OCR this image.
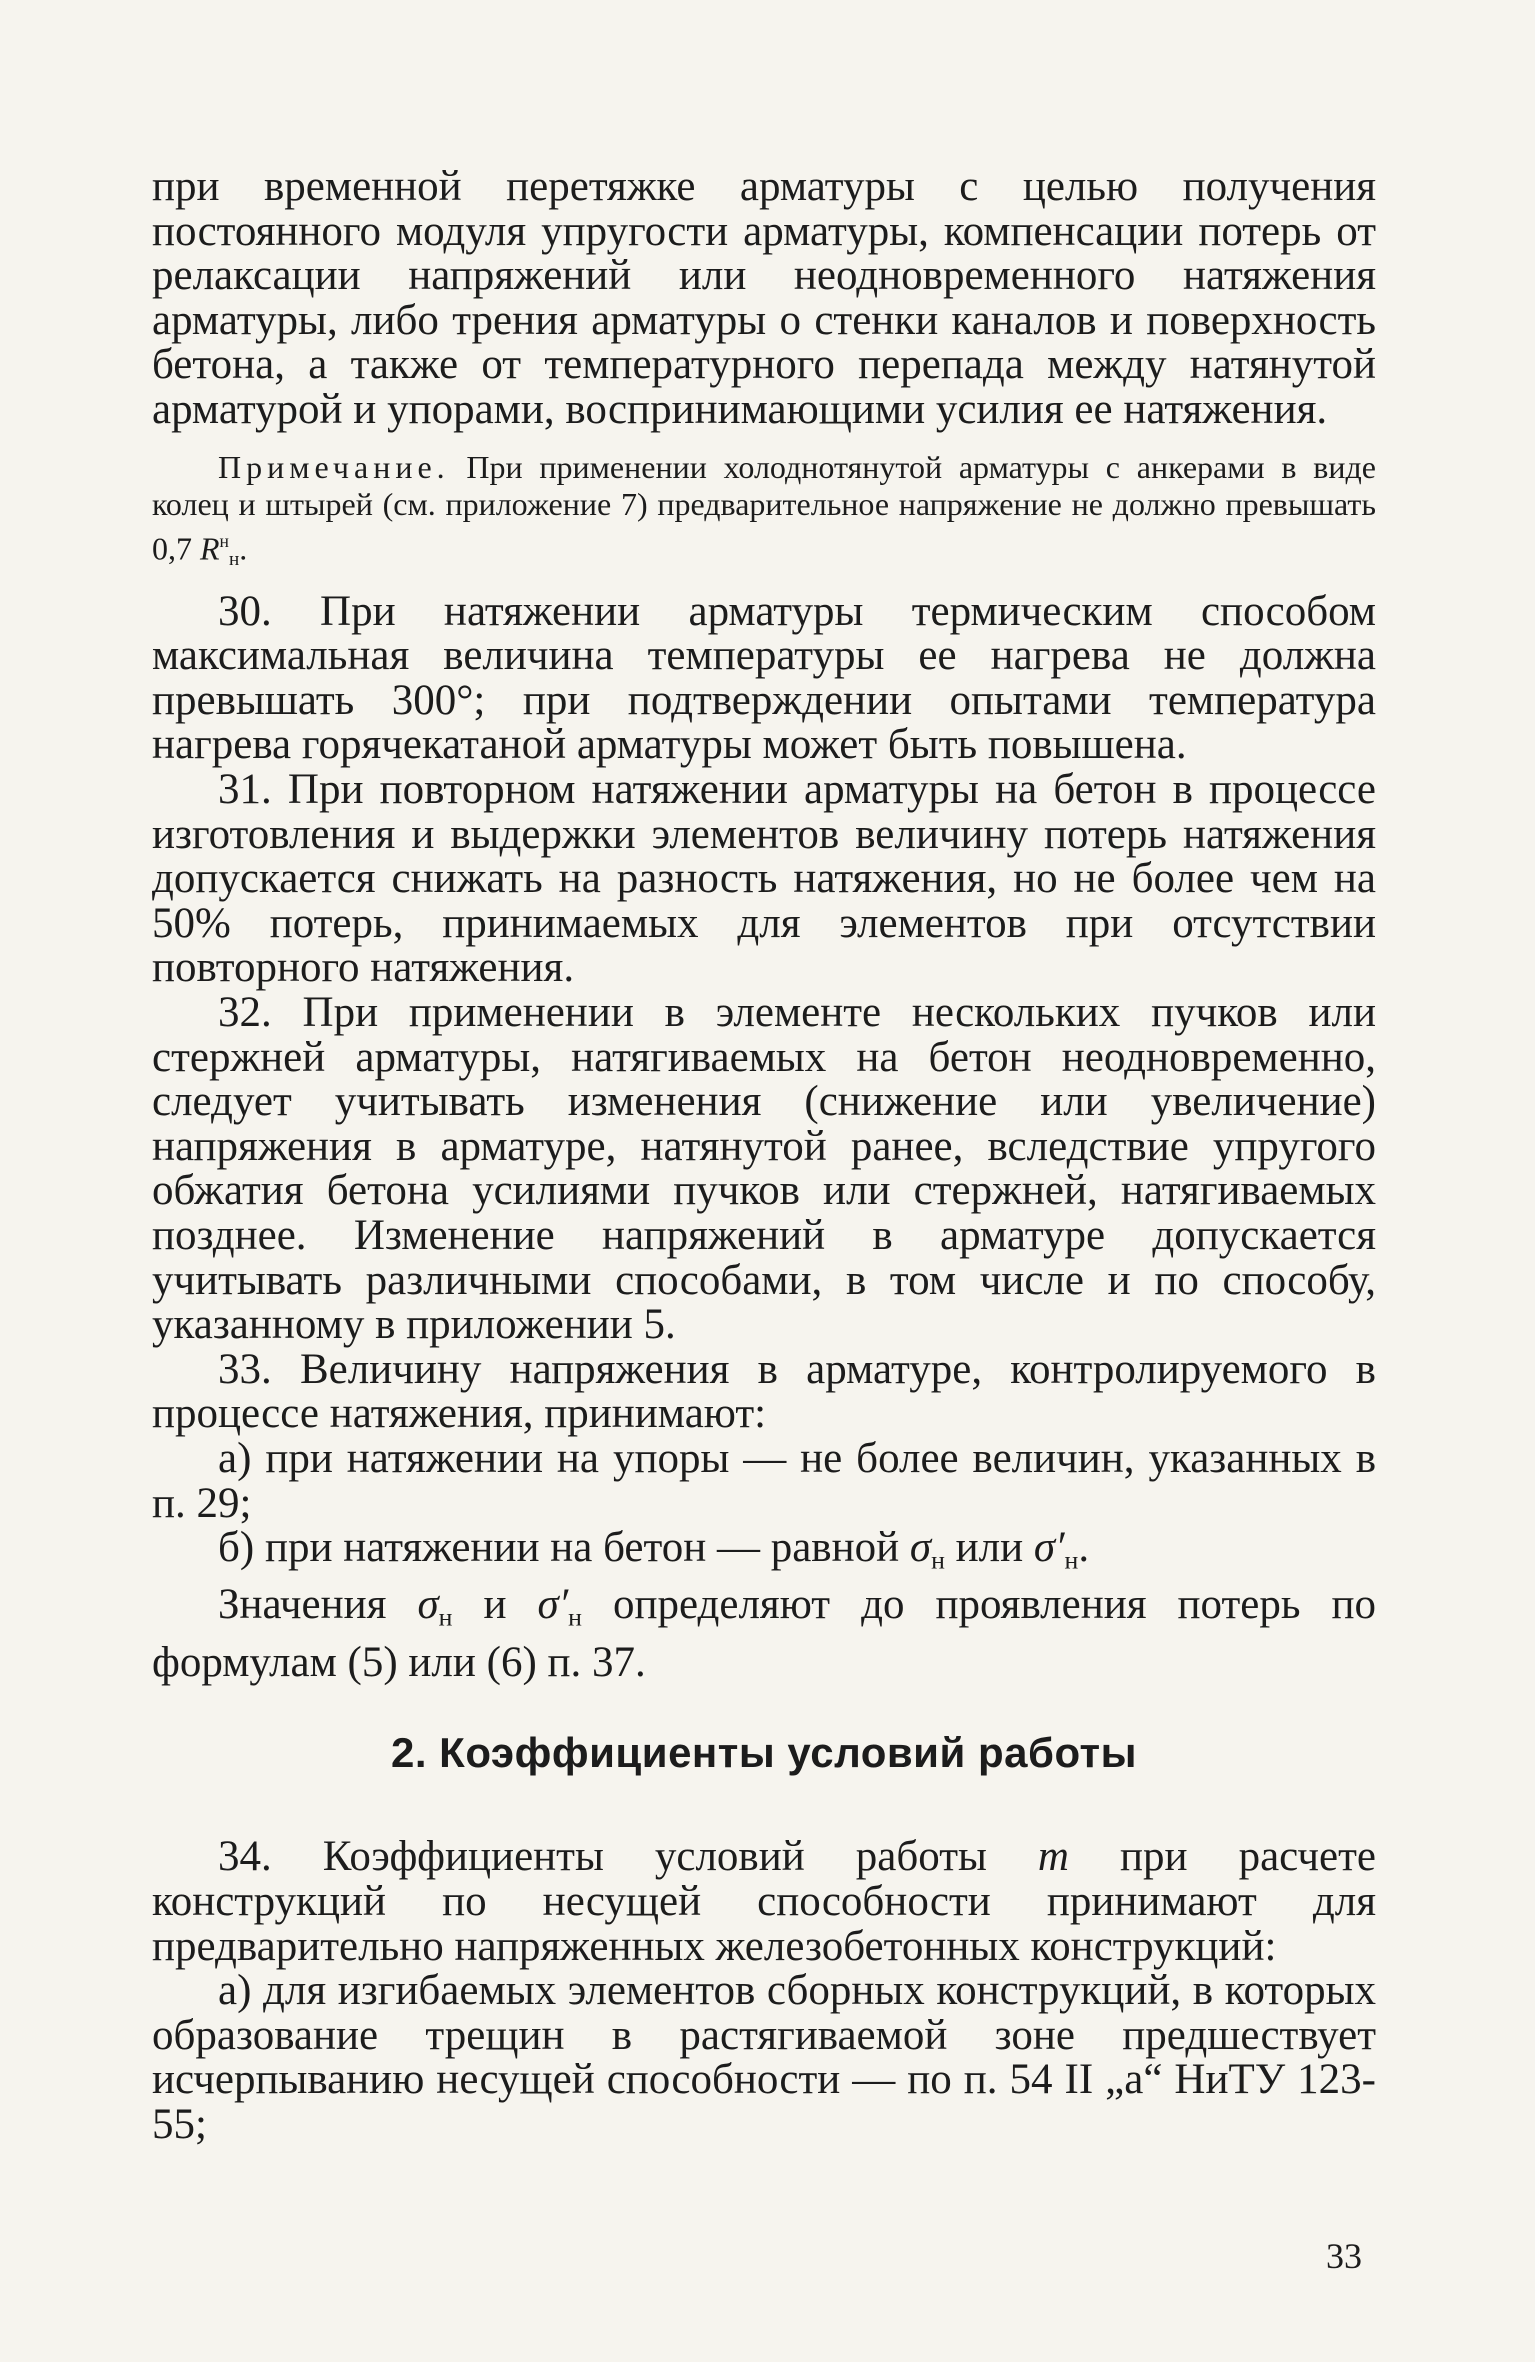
при временной перетяжке арматуры с целью получения постоянного модуля упругости арматуры, компенсации потерь от релаксации напряжений или неодновременного натяжения арматуры, либо трения арматуры о стенки каналов и поверхность бетона, а также от температурного перепада между натянутой арматурой и упорами, воспринимающими усилия ее натяжения.

Примечание. При применении холоднотянутой арматуры с анкерами в виде колец и штырей (см. приложение 7) предварительное напряжение не должно превышать 0,7 $R^н_н$.

30. При натяжении арматуры термическим способом максимальная величина температуры ее нагрева не должна превышать 300°; при подтверждении опытами температура нагрева горячекатаной арматуры может быть повышена.

31. При повторном натяжении арматуры на бетон в процессе изготовления и выдержки элементов величину потерь натяжения допускается снижать на разность натяжения, но не более чем на 50% потерь, принимаемых для элементов при отсутствии повторного натяжения.

32. При применении в элементе нескольких пучков или стержней арматуры, натягиваемых на бетон неодновременно, следует учитывать изменения (снижение или увеличение) напряжения в арматуре, натянутой ранее, вследствие упругого обжатия бетона усилиями пучков или стержней, натягиваемых позднее. Изменение напряжений в арматуре допускается учитывать различными способами, в том числе и по способу, указанному в приложении 5.

33. Величину напряжения в арматуре, контролируемого в процессе натяжения, принимают:

а) при натяжении на упоры — не более величин, указанных в п. 29;

б) при натяжении на бетон — равной $\sigma_н$ или $\sigma'_н$.

Значения $\sigma_н$ и $\sigma'_н$ определяют до проявления потерь по формулам (5) или (6) п. 37.

2. Коэффициенты условий работы

34. Коэффициенты условий работы m при расчете конструкций по несущей способности принимают для предварительно напряженных железобетонных конструкций:

а) для изгибаемых элементов сборных конструкций, в которых образование трещин в растягиваемой зоне предшествует исчерпыванию несущей способности — по п. 54 II „а“ НиТУ 123-55;

33
